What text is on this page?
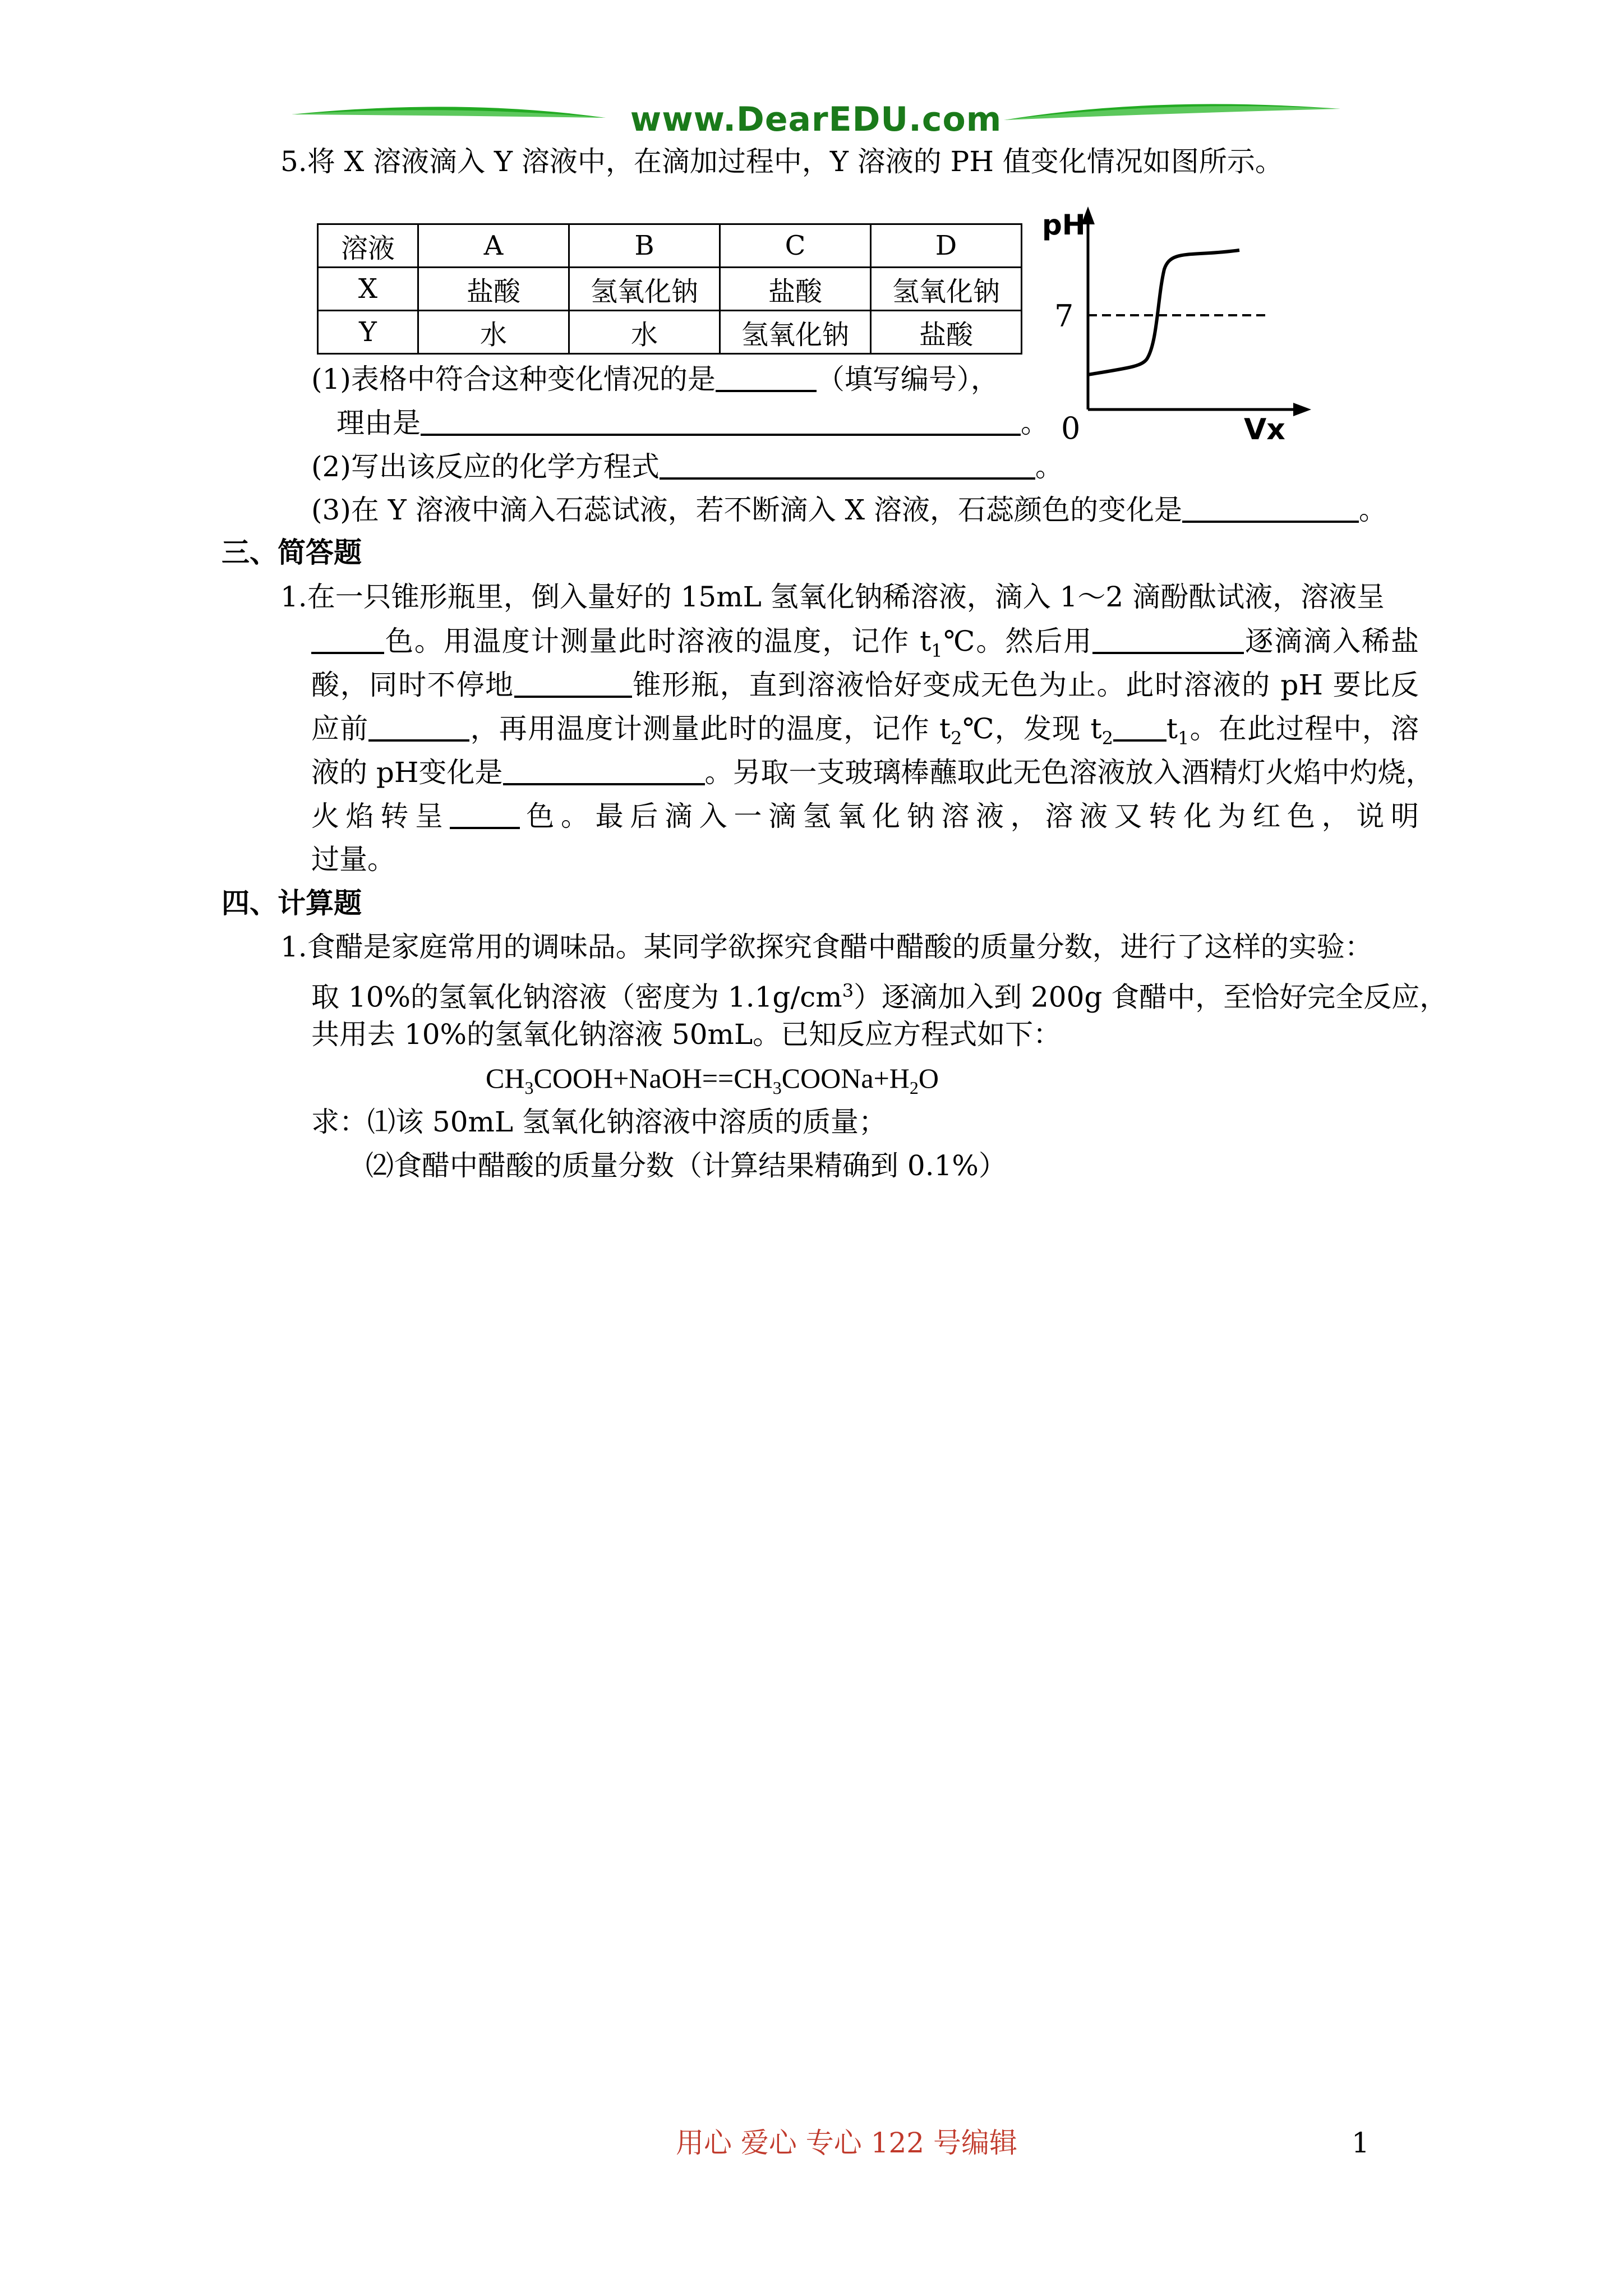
www.DearEDU.com
5.将 X 溶液滴入 Y 溶液中，在滴加过程中，Y 溶液的 PH 值变化情况如图所示。
溶液	A	B	C	D
X	盐酸	氢氧化钠	盐酸	氢氧化钠
Y	水	水	氢氧化钠	盐酸
pH
7
0	Vx
(1)表格中符合这种变化情况的是	（填写编号），
理由是	。
(2)写出该反应的化学方程式	。
(3)在 Y 溶液中滴入石蕊试液，若不断滴入 X 溶液，石蕊颜色的变化是	。
三、简答题
1.在一只锥形瓶里，倒入量好的 15mL 氢氧化钠稀溶液，滴入 1～2 滴酚酞试液，溶液呈
色。用温度计测量此时溶液的温度，记作 $t_1℃$。然后用	逐滴滴入稀盐
酸，同时不停地	锥形瓶，直到溶液恰好变成无色为止。此时溶液的 pH 要比反
应前	，再用温度计测量此时的温度，记作 $t_2℃$，发现 $t_2$ $t_1$。在此过程中，溶
液的 pH变化是	。另取一支玻璃棒蘸取此无色溶液放入酒精灯火焰中灼烧，
火焰转呈	色。最后滴入一滴氢氧化钠溶液，溶液又转化为红色，说明
过量。
四、计算题
1.食醋是家庭常用的调味品。某同学欲探究食醋中醋酸的质量分数，进行了这样的实验：
取 10%的氢氧化钠溶液（密度为 $1.1g/cm^3$）逐滴加入到 200g 食醋中，至恰好完全反应，
共用去 10%的氢氧化钠溶液 50mL。已知反应方程式如下：
$CH_3COOH+NaOH==CH_3COONa+H_2O$
求：⑴该 50mL 氢氧化钠溶液中溶质的质量；
⑵食醋中醋酸的质量分数（计算结果精确到 0.1%）
用心 爱心 专心 122 号编辑	1
